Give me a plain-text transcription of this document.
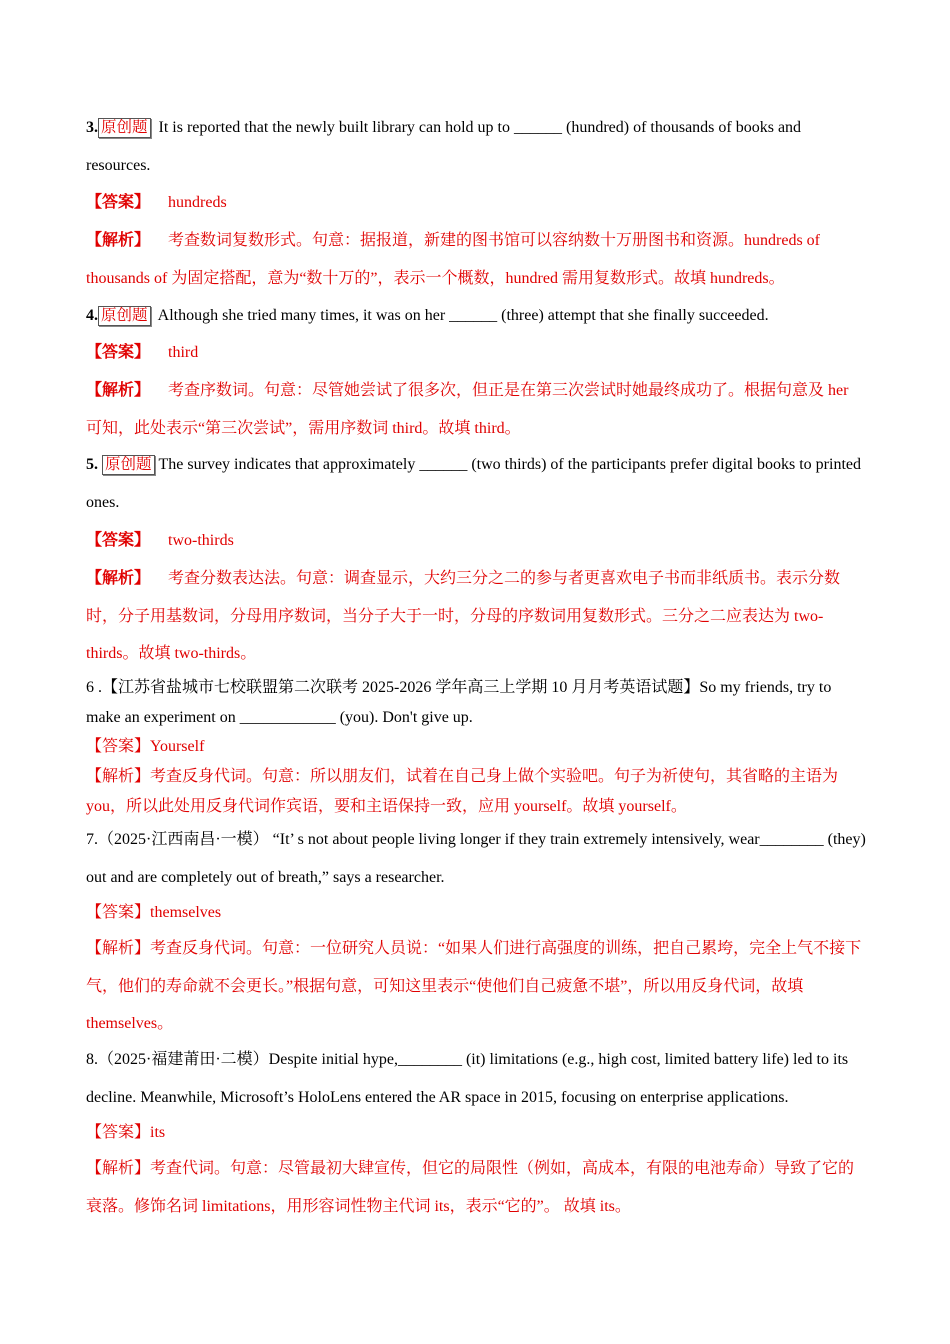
3. 原创题 It is reported that the newly built library can hold up to ______ (hundred) of thousands of books and resources.

【答案】 hundreds

【解析】 考查数词复数形式。句意：据报道，新建的图书馆可以容纳数十万册图书和资源。hundreds of thousands of 为固定搭配，意为“数十万的”，表示一个概数，hundred 需用复数形式。故填 hundreds。

4. 原创题 Although she tried many times, it was on her ______ (three) attempt that she finally succeeded.

【答案】 third

【解析】 考查序数词。句意：尽管她尝试了很多次，但正是在第三次尝试时她最终成功了。根据句意及 her 可知，此处表示“第三次尝试”，需用序数词 third。故填 third。

5. 原创题 The survey indicates that approximately ______ (two thirds) of the participants prefer digital books to printed ones.

【答案】 two-thirds

【解析】 考查分数表达法。句意：调查显示，大约三分之二的参与者更喜欢电子书而非纸质书。表示分数时，分子用基数词，分母用序数词，当分子大于一时，分母的序数词用复数形式。三分之二应表达为 two-thirds。故填 two-thirds。

6 .【江苏省盐城市七校联盟第二次联考 2025-2026 学年高三上学期 10 月月考英语试题】So my friends, try to make an experiment on ____________ (you). Don't give up.

【答案】Yourself

【解析】考查反身代词。句意：所以朋友们，试着在自己身上做个实验吧。句子为祈使句，其省略的主语为 you，所以此处用反身代词作宾语，要和主语保持一致，应用 yourself。故填 yourself。

7.（2025·江西南昌·一模） “It’ s not about people living longer if they train extremely intensively, wear________ (they) out and are completely out of breath,” says a researcher.

【答案】themselves

【解析】考查反身代词。句意：一位研究人员说：“如果人们进行高强度的训练，把自己累垮，完全上气不接下气，他们的寿命就不会更长。”根据句意，可知这里表示“使他们自己疲惫不堪”，所以用反身代词，故填 themselves。

8.（2025·福建莆田·二模）Despite initial hype,________ (it) limitations (e.g., high cost, limited battery life) led to its decline. Meanwhile, Microsoft’s HoloLens entered the AR space in 2015, focusing on enterprise applications.

【答案】its

【解析】考查代词。句意：尽管最初大肆宣传，但它的局限性（例如，高成本，有限的电池寿命）导致了它的衰落。修饰名词 limitations，用形容词性物主代词 its，表示“它的”。 故填 its。
